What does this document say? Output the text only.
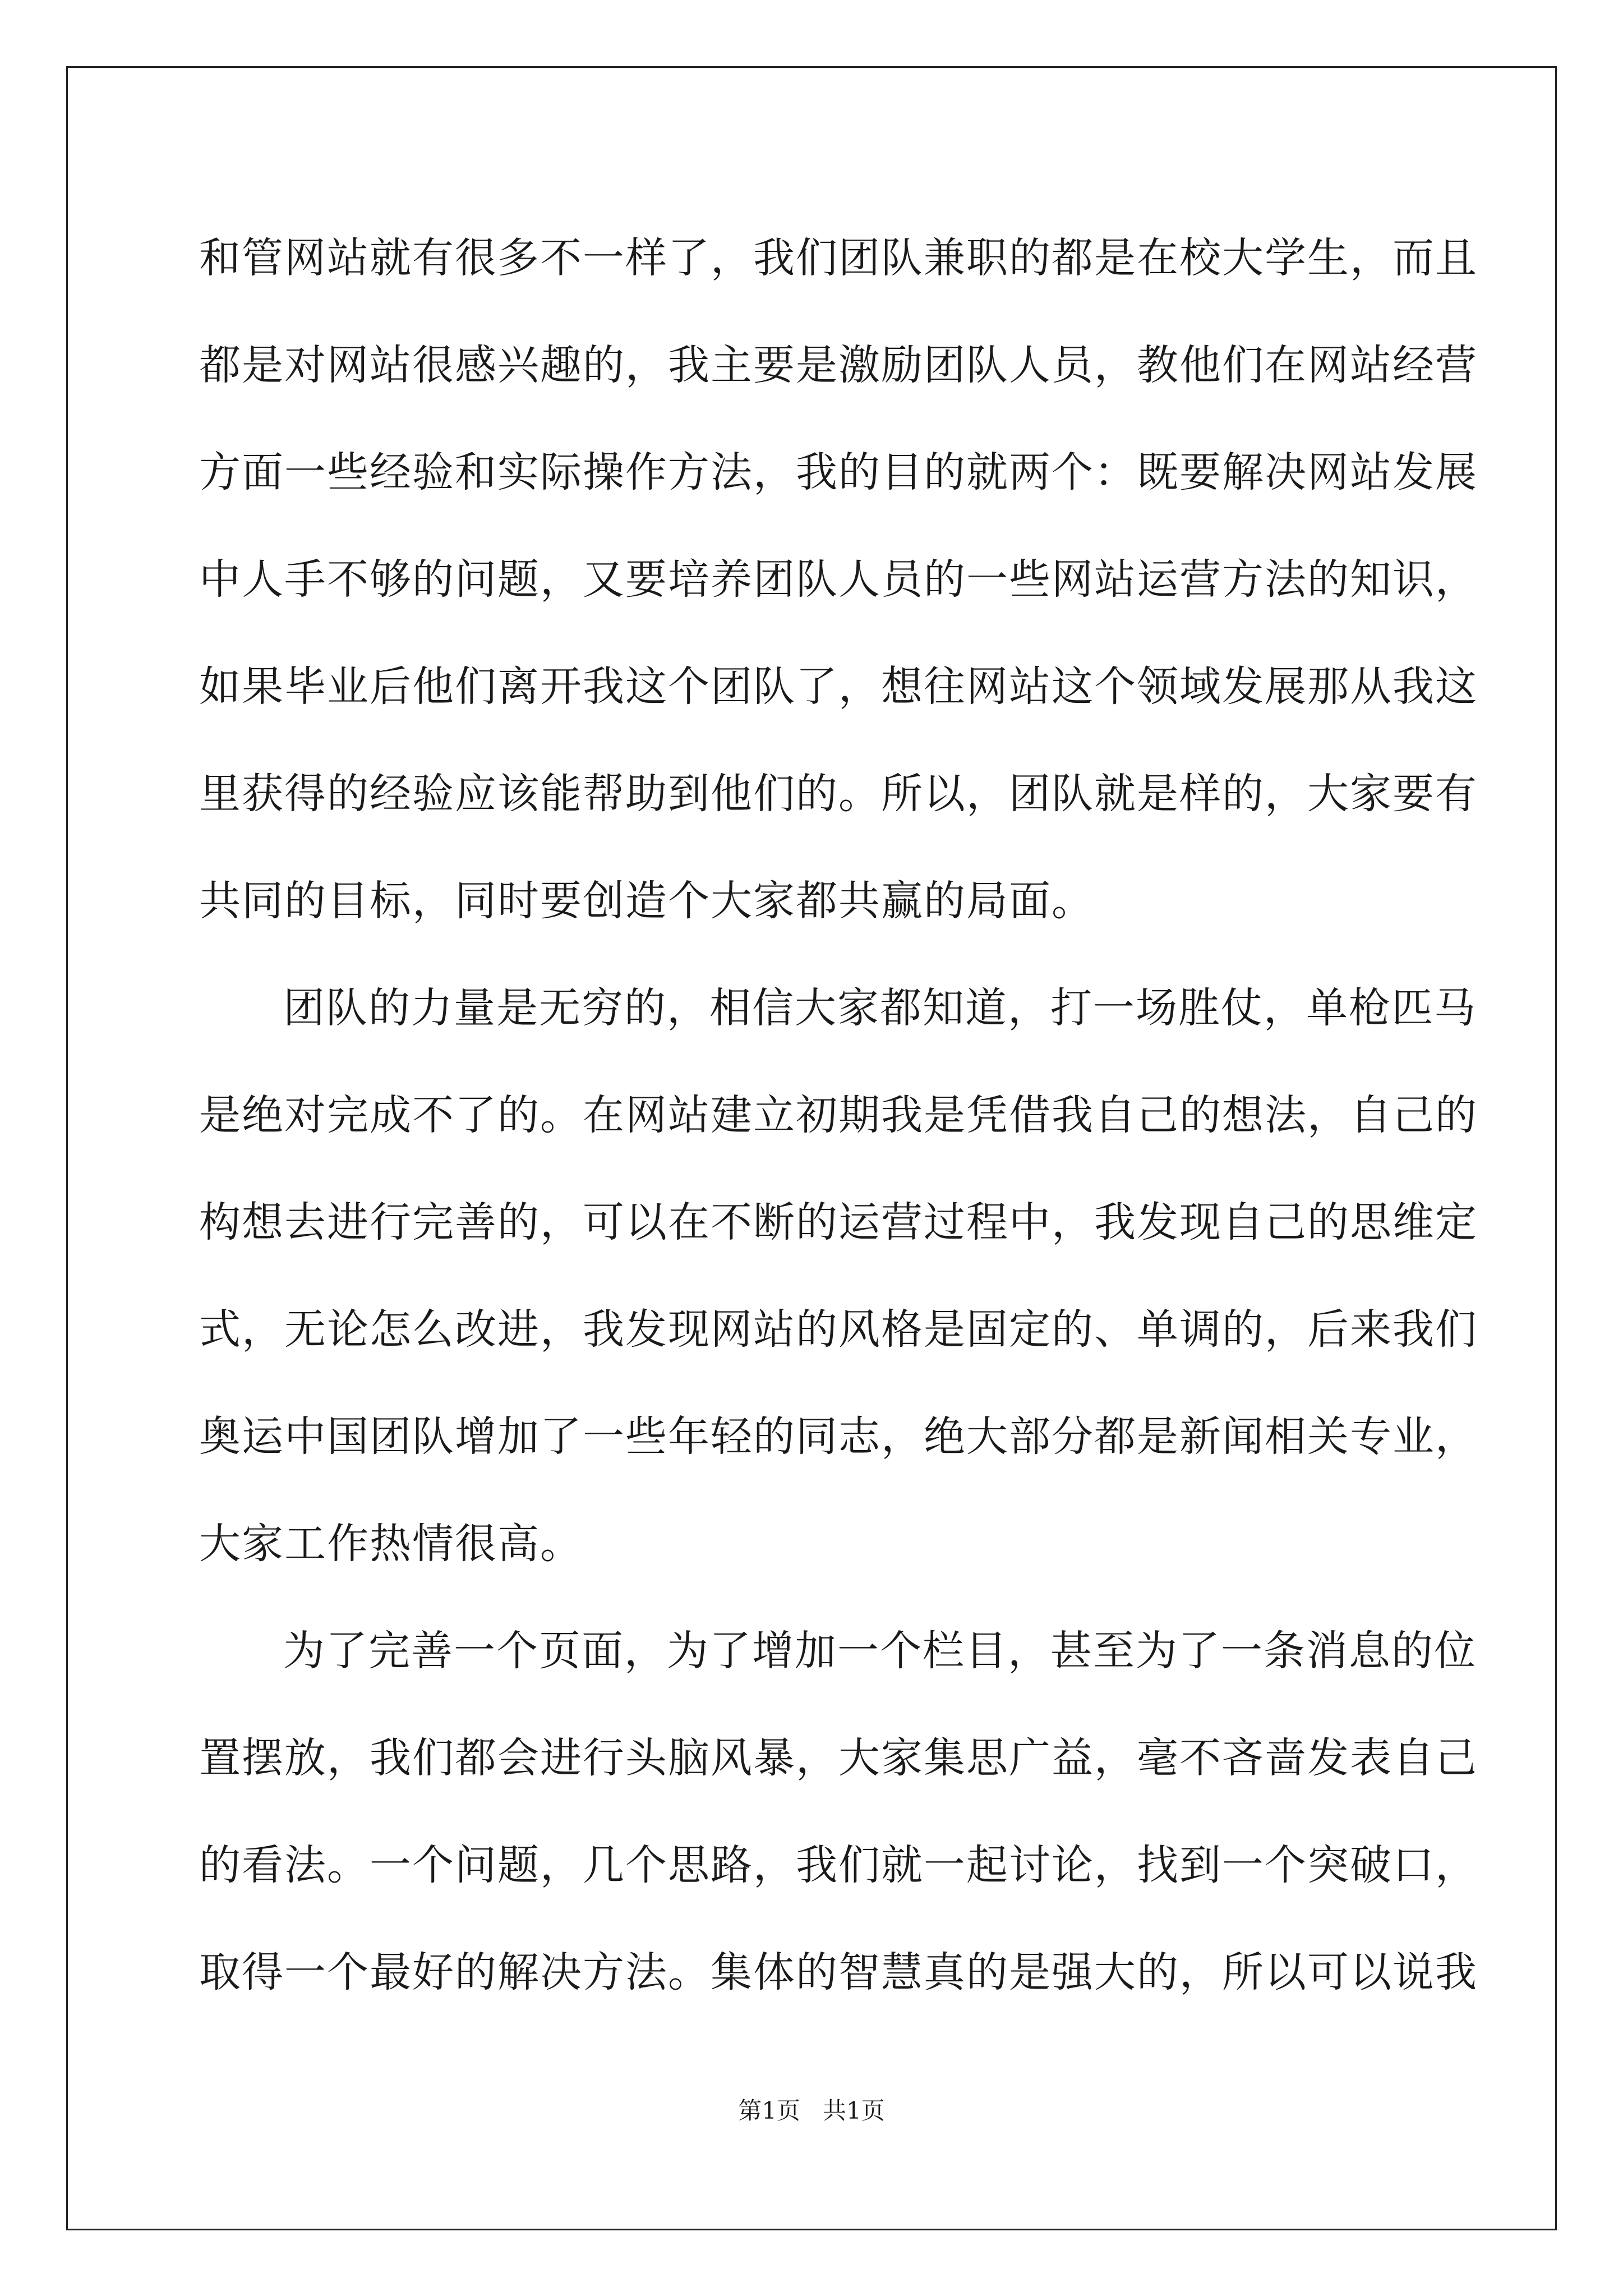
和管网站就有很多不一样了，我们团队兼职的都是在校大学生，而且
都是对网站很感兴趣的，我主要是激励团队人员，教他们在网站经营
方面一些经验和实际操作方法，我的目的就两个：既要解决网站发展
中人手不够的问题，又要培养团队人员的一些网站运营方法的知识，
如果毕业后他们离开我这个团队了，想往网站这个领域发展那从我这
里获得的经验应该能帮助到他们的。所以，团队就是样的，大家要有
共同的目标，同时要创造个大家都共赢的局面。
团队的力量是无穷的，相信大家都知道，打一场胜仗，单枪匹马
是绝对完成不了的。在网站建立初期我是凭借我自己的想法，自己的
构想去进行完善的，可以在不断的运营过程中，我发现自己的思维定
式，无论怎么改进，我发现网站的风格是固定的、单调的，后来我们
奥运中国团队增加了一些年轻的同志，绝大部分都是新闻相关专业，
大家工作热情很高。
为了完善一个页面，为了增加一个栏目，甚至为了一条消息的位
置摆放，我们都会进行头脑风暴，大家集思广益，毫不吝啬发表自己
的看法。一个问题，几个思路，我们就一起讨论，找到一个突破口，
取得一个最好的解决方法。集体的智慧真的是强大的，所以可以说我
第1页   共1页
